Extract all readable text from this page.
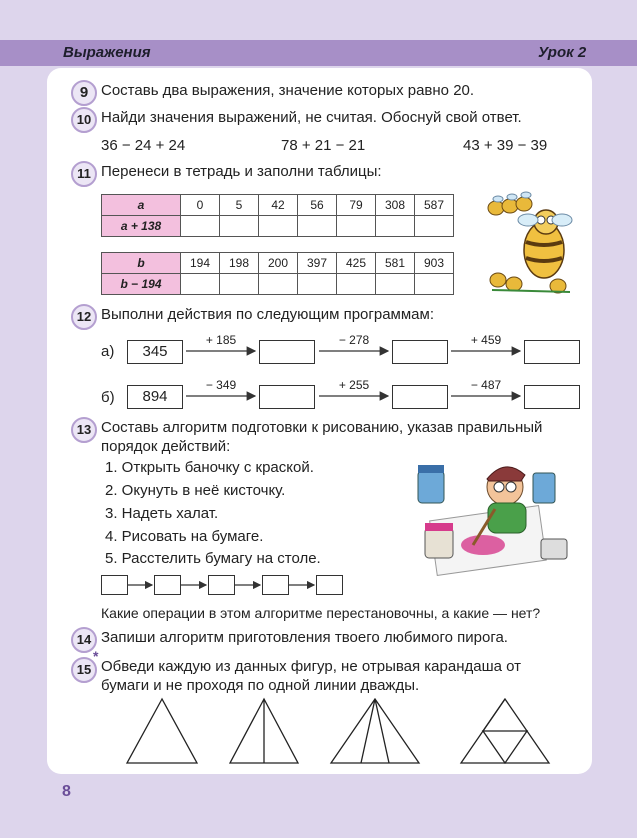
Выражения	Урок 2
9 Составь два выражения, значение которых равно 20.
10 Найди значения выражений, не считая. Обоснуй свой ответ.
36 − 24 + 24	78 + 21 − 21	43 + 39 − 39
11 Перенеси в тетрадь и заполни таблицы:
a	0	5	42	56	79	308	587
a + 138							
b	194	198	200	397	425	581	903
b − 194							
12 Выполни действия по следующим программам:
а)	345
+ 185	− 278	+ 459
б)	894
− 349	+ 255	− 487
13 Составь алгоритм подготовки к рисованию, указав правильный
порядок действий:
1. Открыть баночку с краской.
2. Окунуть в неё кисточку.
3. Надеть халат.
4. Рисовать на бумаге.
5. Расстелить бумагу на столе.
Какие операции в этом алгоритме перестановочны, а какие — нет?
14 Запиши алгоритм приготовления твоего любимого пирога.
15
*
Обведи каждую из данных фигур, не отрывая карандаша от
бумаги и не проходя по одной линии дважды.
8
